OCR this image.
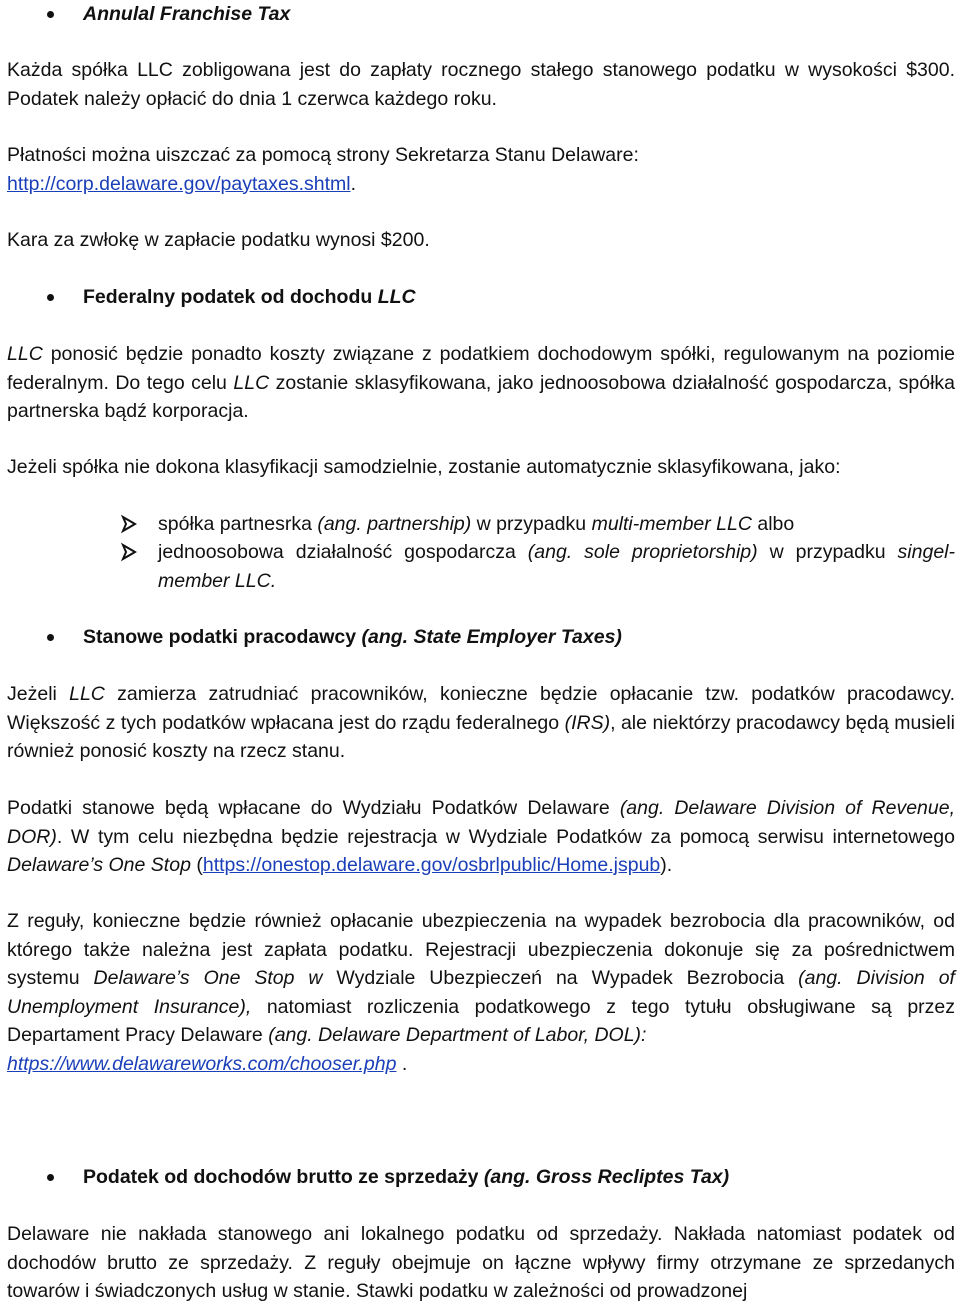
Annulal Franchise Tax

Każda spółka LLC zobligowana jest do zapłaty rocznego stałego stanowego podatku w wysokości $300. Podatek należy opłacić do dnia 1 czerwca każdego roku.

Płatności można uiszczać za pomocą strony Sekretarza Stanu Delaware:
http://corp.delaware.gov/paytaxes.shtml.

Kara za zwłokę w zapłacie podatku wynosi $200.

Federalny podatek od dochodu LLC

LLC ponosić będzie ponadto koszty związane z podatkiem dochodowym spółki, regulowanym na poziomie federalnym. Do tego celu LLC zostanie sklasyfikowana, jako jednoosobowa działalność gospodarcza, spółka partnerska bądź korporacja.

Jeżeli spółka nie dokona klasyfikacji samodzielnie, zostanie automatycznie sklasyfikowana, jako:

spółka partnesrka (ang. partnership) w przypadku multi-member LLC albo
jednoosobowa działalność gospodarcza (ang. sole proprietorship) w przypadku singel-member LLC.
Stanowe podatki pracodawcy (ang. State Employer Taxes)

Jeżeli LLC zamierza zatrudniać pracowników, konieczne będzie opłacanie tzw. podatków pracodawcy. Większość z tych podatków wpłacana jest do rządu federalnego (IRS), ale niektórzy pracodawcy będą musieli również ponosić koszty na rzecz stanu.

Podatki stanowe będą wpłacane do Wydziału Podatków Delaware (ang. Delaware Division of Revenue, DOR). W tym celu niezbędna będzie rejestracja w Wydziale Podatków za pomocą serwisu internetowego Delaware’s One Stop (https://onestop.delaware.gov/osbrlpublic/Home.jspub).

Z reguły, konieczne będzie również opłacanie ubezpieczenia na wypadek bezrobocia dla pracowników, od którego także należna jest zapłata podatku. Rejestracji ubezpieczenia dokonuje się za pośrednictwem systemu Delaware’s One Stop w Wydziale Ubezpieczeń na Wypadek Bezrobocia (ang. Division of Unemployment Insurance), natomiast rozliczenia podatkowego z tego tytułu obsługiwane są przez Departament Pracy Delaware (ang. Delaware Department of Labor, DOL):
https://www.delawareworks.com/chooser.php .

Podatek od dochodów brutto ze sprzedaży (ang. Gross Recliptes Tax)

Delaware nie nakłada stanowego ani lokalnego podatku od sprzedaży. Nakłada natomiast podatek od dochodów brutto ze sprzedaży. Z reguły obejmuje on łączne wpływy firmy otrzymane ze sprzedanych towarów i świadczonych usług w stanie. Stawki podatku w zależności od prowadzonej
